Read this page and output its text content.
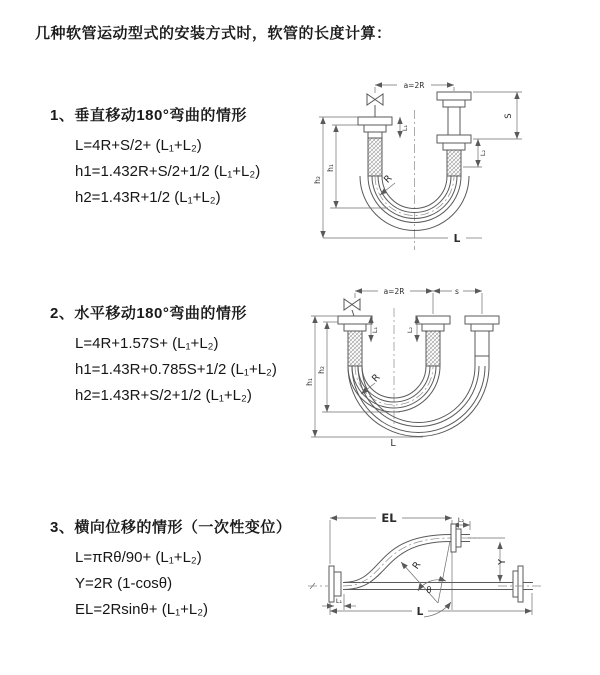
几种软管运动型式的安装方式时，软管的长度计算：
1、垂直移动180°弯曲的情形
L=4R+S/2+ (L₁+L₂)
h1=1.432R+S/2+1/2 (L₁+L₂)
h2=1.43R+1/2 (L₁+L₂)
2、水平移动180°弯曲的情形
L=4R+1.57S+ (L₁+L₂)
h1=1.43R+0.785S+1/2 (L₁+L₂)
h2=1.43R+S/2+1/2 (L₁+L₂)
3、横向位移的情形（一次性变位）
L=πRθ/90+ (L₁+L₂)
Y=2R (1-cosθ)
EL=2Rsinθ+ (L₁+L₂)
a=2R
R
h₁
h₂
L₁
S
L₂
L
a=2R	s
R
h₂
h₁
L₁	L₂
L
EL	L₂
L₁
Y
R
θ
L
